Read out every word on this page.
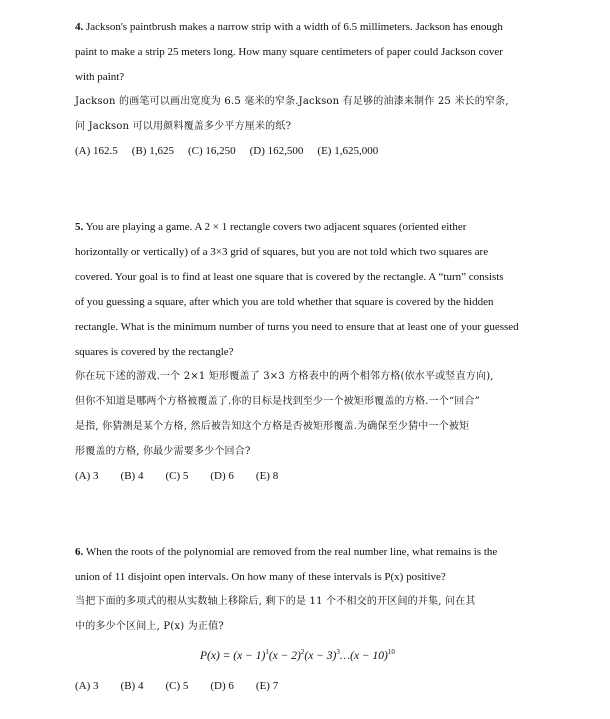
4. Jackson's paintbrush makes a narrow strip with a width of 6.5 millimeters. Jackson has enough
paint to make a strip 25 meters long. How many square centimeters of paper could Jackson cover
with paint?
Jackson 的画笔可以画出宽度为 6.5 毫米的窄条.Jackson 有足够的油漆来制作 25 米长的窄条,
问 Jackson 可以用颜料覆盖多少平方厘米的纸?
(A) 162.5 (B) 1,625 (C) 16,250 (D) 162,500 (E) 1,625,000
5. You are playing a game. A 2 × 1 rectangle covers two adjacent squares (oriented either
horizontally or vertically) of a 3×3 grid of squares, but you are not told which two squares are
covered. Your goal is to find at least one square that is covered by the rectangle. A “turn” consists
of you guessing a square, after which you are told whether that square is covered by the hidden
rectangle. What is the minimum number of turns you need to ensure that at least one of your guessed
squares is covered by the rectangle?
你在玩下述的游戏.一个 2×1 矩形覆盖了 3×3 方格表中的两个相邻方格(依水平或竖直方向),
但你不知道是哪两个方格被覆盖了.你的目标是找到至少一个被矩形覆盖的方格.一个“回合”
是指, 你猜测是某个方格, 然后被告知这个方格是否被矩形覆盖.为确保至少猜中一个被矩
形覆盖的方格, 你最少需要多少个回合?
(A) 3 (B) 4 (C) 5 (D) 6 (E) 8
6. When the roots of the polynomial are removed from the real number line, what remains is the
union of 11 disjoint open intervals. On how many of these intervals is P(x) positive?
当把下面的多项式的根从实数轴上移除后, 剩下的是 11 个不相交的开区间的并集, 问在其
中的多少个区间上, P(x) 为正值?
$P(x) = (x - 1)^1(x - 2)^2(x$ − $3)^3\dots(x - 10)^{10}$
(A) 3 (B) 4 (C) 5 (D) 6 (E) 7
